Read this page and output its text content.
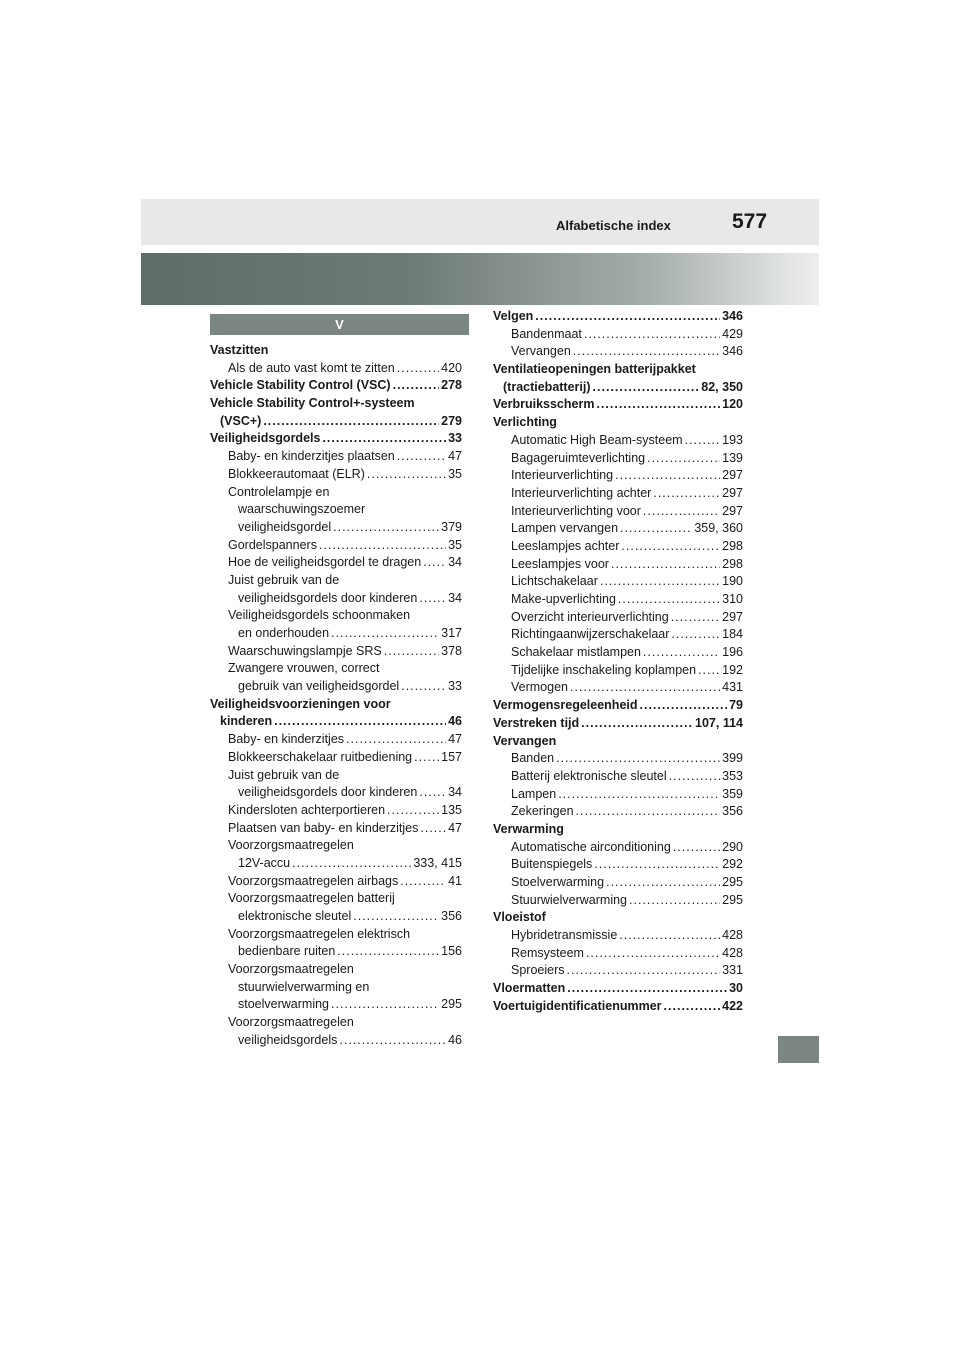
Alfabetische index	577
V
Vastzitten
Als de auto vast komt te zitten .....	420
Vehicle Stability Control (VSC) .....	278
Vehicle Stability Control+-systeem
(VSC+) .....	279
Veiligheidsgordels .....	33
Baby- en kinderzitjes plaatsen .....	47
Blokkeerautomaat (ELR) .....	35
Controlelampje en
waarschuwingszoemer
veiligheidsgordel .....	379
Gordelspanners .....	35
Hoe de veiligheidsgordel te dragen ..... 34
Juist gebruik van de
veiligheidsgordels door kinderen ..... 34
Veiligheidsgordels schoonmaken
en onderhouden .....	317
Waarschuwingslampje SRS .....	378
Zwangere vrouwen, correct
gebruik van veiligheidsgordel .....	33
Veiligheidsvoorzieningen voor
kinderen .....	46
Baby- en kinderzitjes .....	47
Blokkeerschakelaar ruitbediening ..... 157
Juist gebruik van de
veiligheidsgordels door kinderen ..... 34
Kindersloten achterportieren .....	135
Plaatsen van baby- en kinderzitjes ..... 47
Voorzorgsmaatregelen
12V-accu .....	333, 415
Voorzorgsmaatregelen airbags .....	41
Voorzorgsmaatregelen batterij
elektronische sleutel .....	356
Voorzorgsmaatregelen elektrisch
bedienbare ruiten .....	156
Voorzorgsmaatregelen
stuurwielverwarming en
stoelverwarming .....	295
Voorzorgsmaatregelen
veiligheidsgordels .....	46
Velgen .....	346
Bandenmaat .....	429
Vervangen .....	346
Ventilatieopeningen batterijpakket
(tractiebatterij) .....	82, 350
Verbruiksscherm .....	120
Verlichting
Automatic High Beam-systeem .....	193
Bagageruimteverlichting .....	139
Interieurverlichting .....	297
Interieurverlichting achter .....	297
Interieurverlichting voor .....	297
Lampen vervangen .....	359, 360
Leeslampjes achter .....	298
Leeslampjes voor .....	298
Lichtschakelaar .....	190
Make-upverlichting .....	310
Overzicht interieurverlichting .....	297
Richtingaanwijzerschakelaar .....	184
Schakelaar mistlampen .....	196
Tijdelijke inschakeling koplampen ..... 192
Vermogen .....	431
Vermogensregeleenheid .....	79
Verstreken tijd .....	107, 114
Vervangen
Banden .....	399
Batterij elektronische sleutel .....	353
Lampen .....	359
Zekeringen .....	356
Verwarming
Automatische airconditioning .....	290
Buitenspiegels .....	292
Stoelverwarming .....	295
Stuurwielverwarming .....	295
Vloeistof
Hybridetransmissie .....	428
Remsysteem .....	428
Sproeiers .....	331
Vloermatten .....	30
Voertuigidentificatienummer .....	422
